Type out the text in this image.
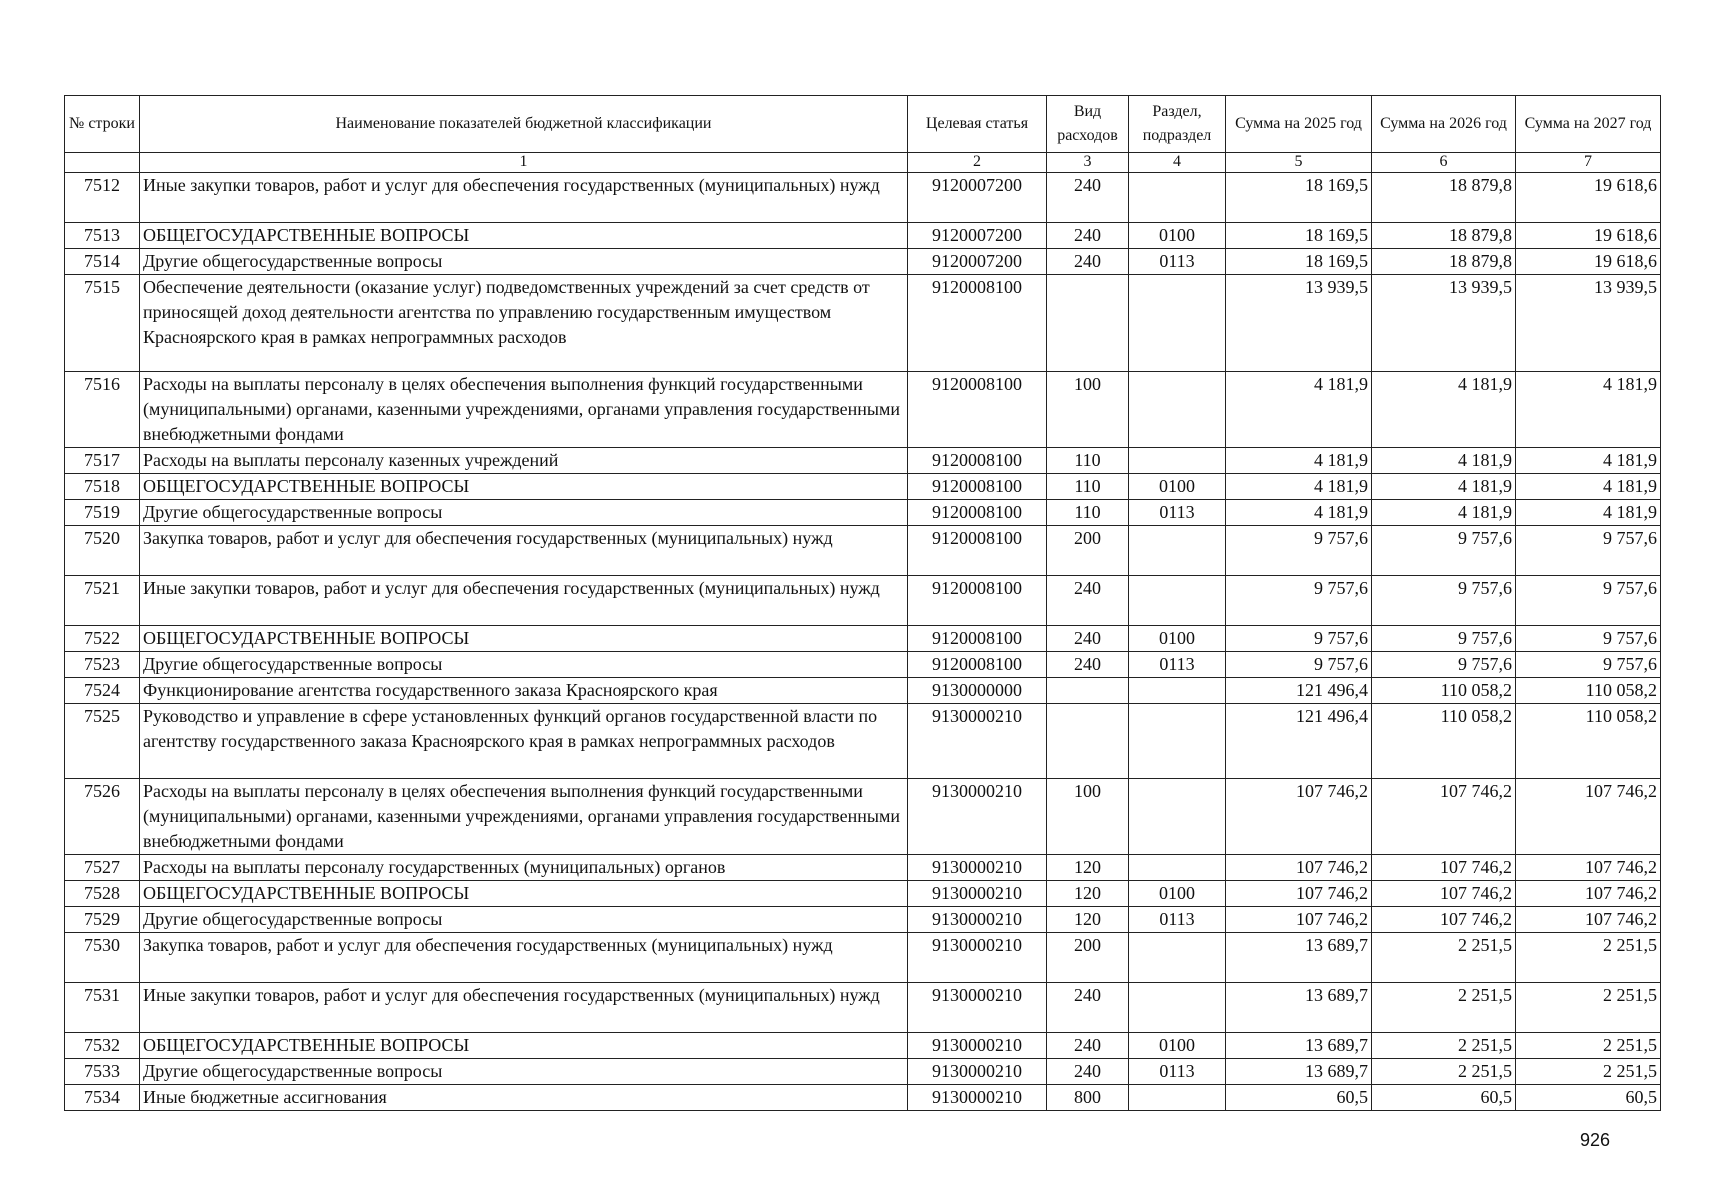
№ строки	Наименование показателей бюджетной классификации	Целевая статья	Вид расходов	Раздел, подраздел	Сумма на 2025 год	Сумма на 2026 год	Сумма на 2027 год
	1	2	3	4	5	6	7
7512	Иные закупки товаров, работ и услуг для обеспечения государственных (муниципальных) нужд	9120007200	240		18 169,5	18 879,8	19 618,6
7513	ОБЩЕГОСУДАРСТВЕННЫЕ ВОПРОСЫ	9120007200	240	0100	18 169,5	18 879,8	19 618,6
7514	Другие общегосударственные вопросы	9120007200	240	0113	18 169,5	18 879,8	19 618,6
7515	Обеспечение деятельности (оказание услуг) подведомственных учреждений за счет средств от приносящей доход деятельности агентства по управлению государственным имуществом Красноярского края в рамках непрограммных расходов	9120008100			13 939,5	13 939,5	13 939,5
7516	Расходы на выплаты персоналу в целях обеспечения выполнения функций государственными (муниципальными) органами, казенными учреждениями, органами управления государственными внебюджетными фондами	9120008100	100		4 181,9	4 181,9	4 181,9
7517	Расходы на выплаты персоналу казенных учреждений	9120008100	110		4 181,9	4 181,9	4 181,9
7518	ОБЩЕГОСУДАРСТВЕННЫЕ ВОПРОСЫ	9120008100	110	0100	4 181,9	4 181,9	4 181,9
7519	Другие общегосударственные вопросы	9120008100	110	0113	4 181,9	4 181,9	4 181,9
7520	Закупка товаров, работ и услуг для обеспечения государственных (муниципальных) нужд	9120008100	200		9 757,6	9 757,6	9 757,6
7521	Иные закупки товаров, работ и услуг для обеспечения государственных (муниципальных) нужд	9120008100	240		9 757,6	9 757,6	9 757,6
7522	ОБЩЕГОСУДАРСТВЕННЫЕ ВОПРОСЫ	9120008100	240	0100	9 757,6	9 757,6	9 757,6
7523	Другие общегосударственные вопросы	9120008100	240	0113	9 757,6	9 757,6	9 757,6
7524	Функционирование агентства государственного заказа Красноярского края	9130000000			121 496,4	110 058,2	110 058,2
7525	Руководство и управление в сфере установленных функций органов государственной власти по агентству государственного заказа Красноярского края в рамках непрограммных расходов	9130000210			121 496,4	110 058,2	110 058,2
7526	Расходы на выплаты персоналу в целях обеспечения выполнения функций государственными (муниципальными) органами, казенными учреждениями, органами управления государственными внебюджетными фондами	9130000210	100		107 746,2	107 746,2	107 746,2
7527	Расходы на выплаты персоналу государственных (муниципальных) органов	9130000210	120		107 746,2	107 746,2	107 746,2
7528	ОБЩЕГОСУДАРСТВЕННЫЕ ВОПРОСЫ	9130000210	120	0100	107 746,2	107 746,2	107 746,2
7529	Другие общегосударственные вопросы	9130000210	120	0113	107 746,2	107 746,2	107 746,2
7530	Закупка товаров, работ и услуг для обеспечения государственных (муниципальных) нужд	9130000210	200		13 689,7	2 251,5	2 251,5
7531	Иные закупки товаров, работ и услуг для обеспечения государственных (муниципальных) нужд	9130000210	240		13 689,7	2 251,5	2 251,5
7532	ОБЩЕГОСУДАРСТВЕННЫЕ ВОПРОСЫ	9130000210	240	0100	13 689,7	2 251,5	2 251,5
7533	Другие общегосударственные вопросы	9130000210	240	0113	13 689,7	2 251,5	2 251,5
7534	Иные бюджетные ассигнования	9130000210	800		60,5	60,5	60,5
926
